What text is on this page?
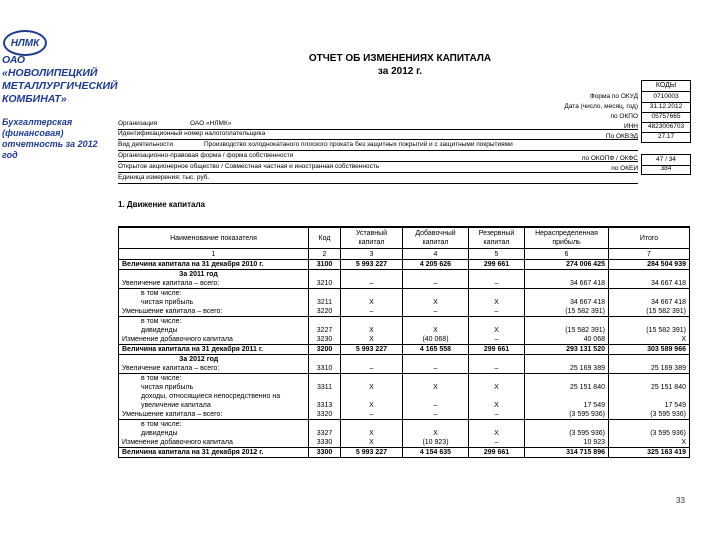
НЛМК
ОАО «НОВОЛИПЕЦКИЙ МЕТАЛЛУРГИЧЕСКИЙ КОМБИНАТ»
Бухгалтерская (финансовая) отчетность за 2012 год
ОТЧЕТ ОБ ИЗМЕНЕНИЯХ КАПИТАЛА
за 2012 г.
КОДЫ
Форма по ОКУД	0710003
Дата (число, месяц, год)	31.12.2012
по ОКПО	05757665
ИНН	4823006703
По ОКВЭД	27.17
по ОКОПФ / ОКФС	47 / 34
по ОКЕИ	384
Организация	ОАО «НЛМК»
Идентификационный номер налогоплательщика
Вид деятельности	Производство холоднокатаного плоского проката без защитных покрытий и с защитными покрытиями
Организационно-правовая форма / форма собственности
Открытое акционерное общество / Совместная частная и иностранная собственность
Единица измерения: тыс. руб.
1. Движение капитала
Наименование показателя	Код	Уставный капитал	Добавочный капитал	Резервный капитал	Нераспределенная прибыль	Итого
1	2	3	4	5	6	7
Величина капитала на 31 декабря 2010 г.	3100	5 993 227	4 205 626	299 661	274 006 425	284 504 939
За 2011 год						
Увеличение капитала – всего:	3210	–	–	–	34 667 418	34 667 418
в том числе:						
чистая прибыль	3211	X	X	X	34 667 418	34 667 418
Уменьшение капитала – всего:	3220	–	–	–	(15 582 391)	(15 582 391)
в том числе:						
дивиденды	3227	X	X	X	(15 582 391)	(15 582 391)
Изменение добавочного капитала	3230	X	(40 068)	–	40 068	X
Величина капитала на 31 декабря 2011 г.	3200	5 993 227	4 165 558	299 661	293 131 520	303 589 966
За 2012 год						
Увеличение капитала – всего:	3310	–	–	–	25 169 389	25 169 389
в том числе:						
чистая прибыль	3311	X	X	X	25 151 840	25 151 840
доходы, относящиеся непосредственно на						
увеличение капитала	3313	X	–	X	17 549	17 549
Уменьшение капитала – всего:	3320	–	–	–	(3 595 936)	(3 595 936)
в том числе:						
дивиденды	3327	X	X	X	(3 595 936)	(3 595 936)
Изменение добавочного капитала	3330	X	(10 923)	–	10 923	X
Величина капитала на 31 декабря 2012 г.	3300	5 993 227	4 154 635	299 661	314 715 896	325 163 419
33
